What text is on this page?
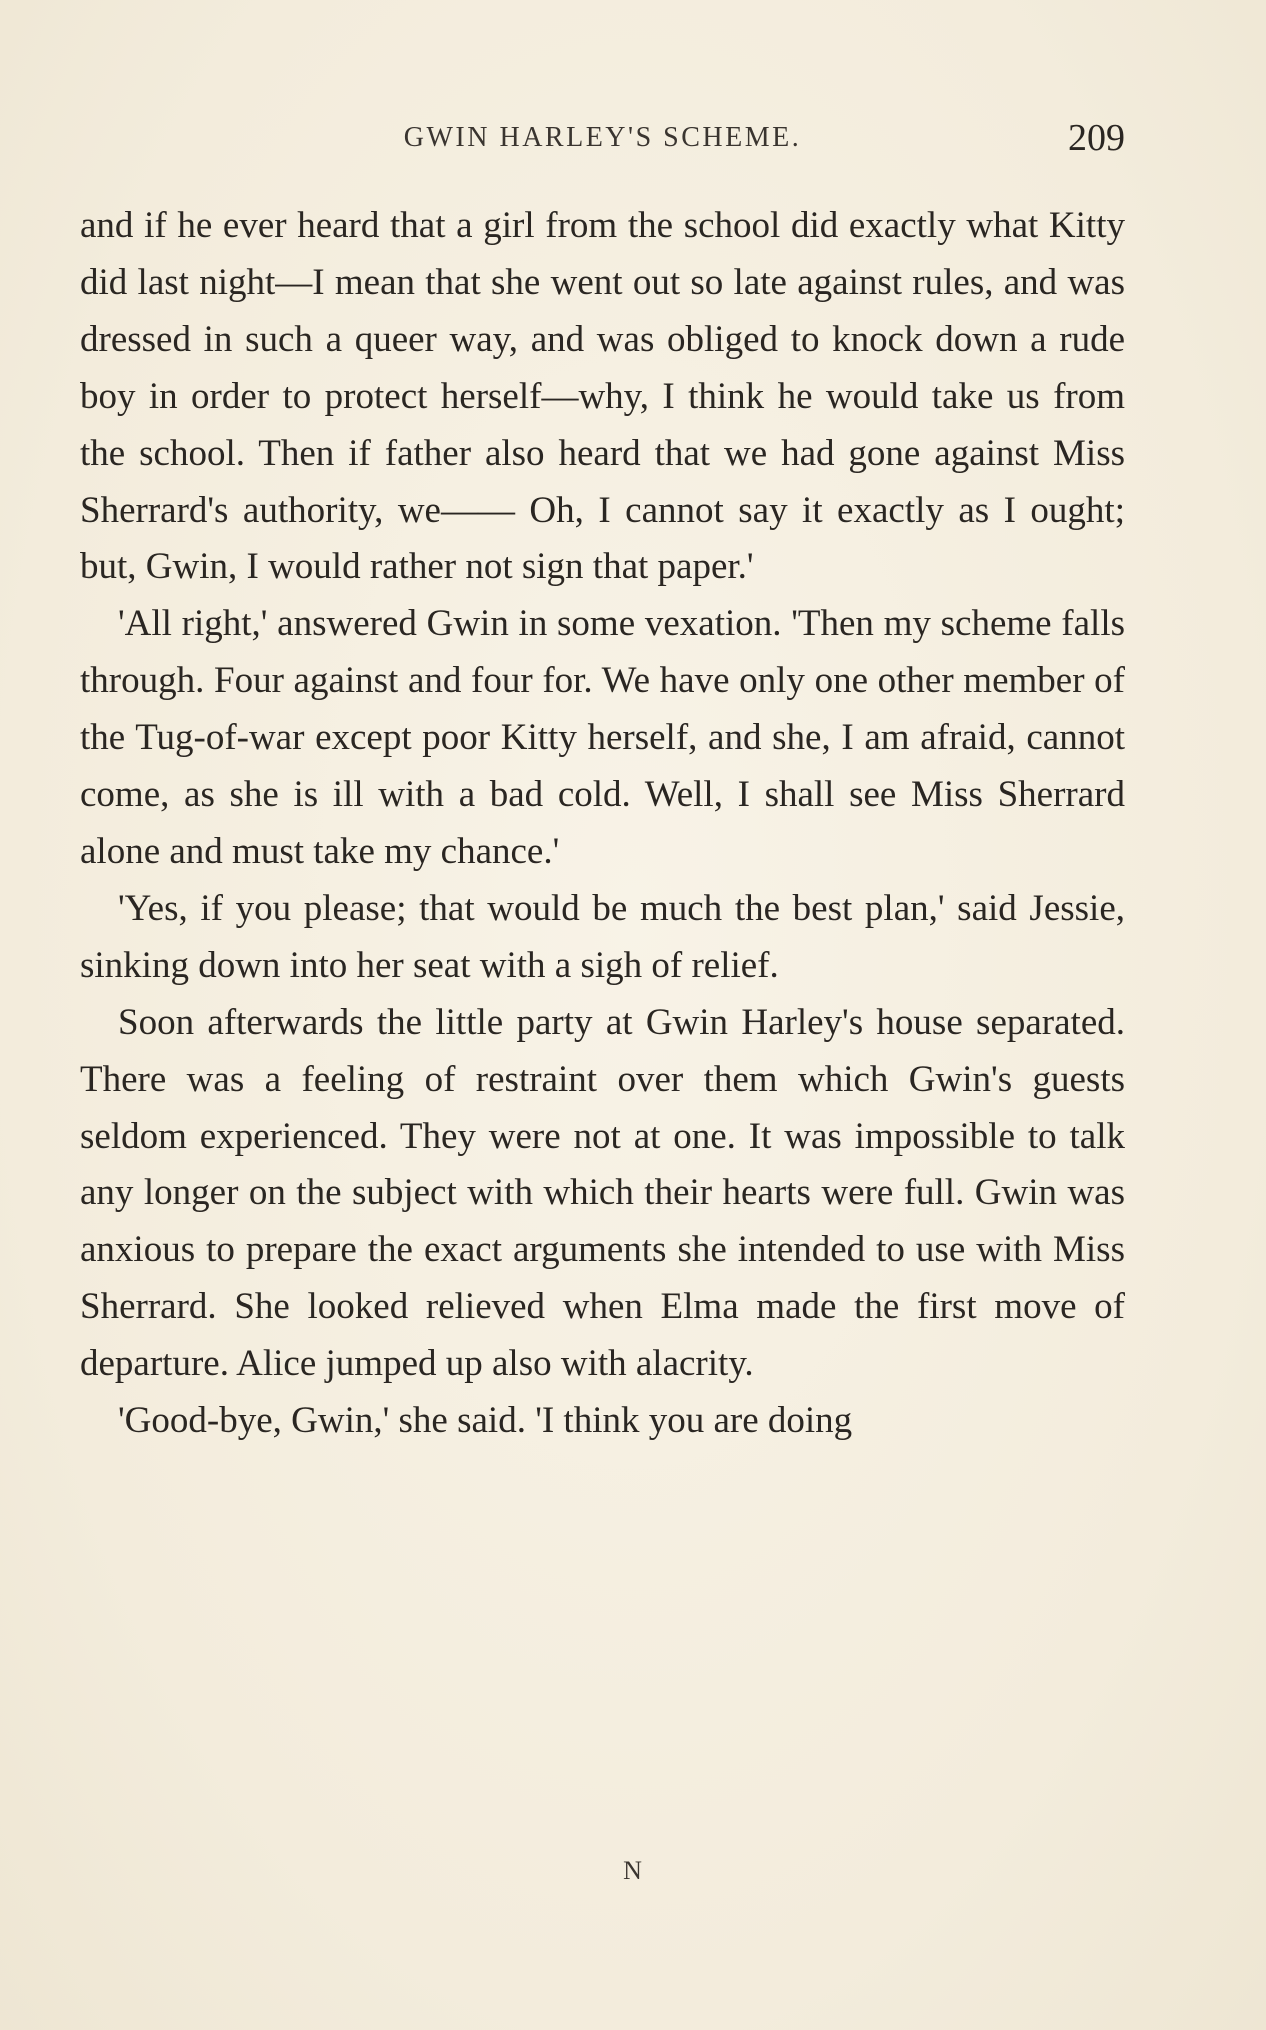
GWIN HARLEY'S SCHEME.	209

and if he ever heard that a girl from the school did exactly what Kitty did last night—I mean that she went out so late against rules, and was dressed in such a queer way, and was obliged to knock down a rude boy in order to protect herself—why, I think he would take us from the school. Then if father also heard that we had gone against Miss Sherrard's authority, we—— Oh, I cannot say it exactly as I ought; but, Gwin, I would rather not sign that paper.'

'All right,' answered Gwin in some vexation. 'Then my scheme falls through. Four against and four for. We have only one other member of the Tug-of-war except poor Kitty herself, and she, I am afraid, cannot come, as she is ill with a bad cold. Well, I shall see Miss Sherrard alone and must take my chance.'

'Yes, if you please; that would be much the best plan,' said Jessie, sinking down into her seat with a sigh of relief.

Soon afterwards the little party at Gwin Harley's house separated. There was a feeling of restraint over them which Gwin's guests seldom experienced. They were not at one. It was impossible to talk any longer on the subject with which their hearts were full. Gwin was anxious to prepare the exact arguments she intended to use with Miss Sherrard. She looked relieved when Elma made the first move of departure. Alice jumped up also with alacrity.

'Good-bye, Gwin,' she said. 'I think you are doing

N
